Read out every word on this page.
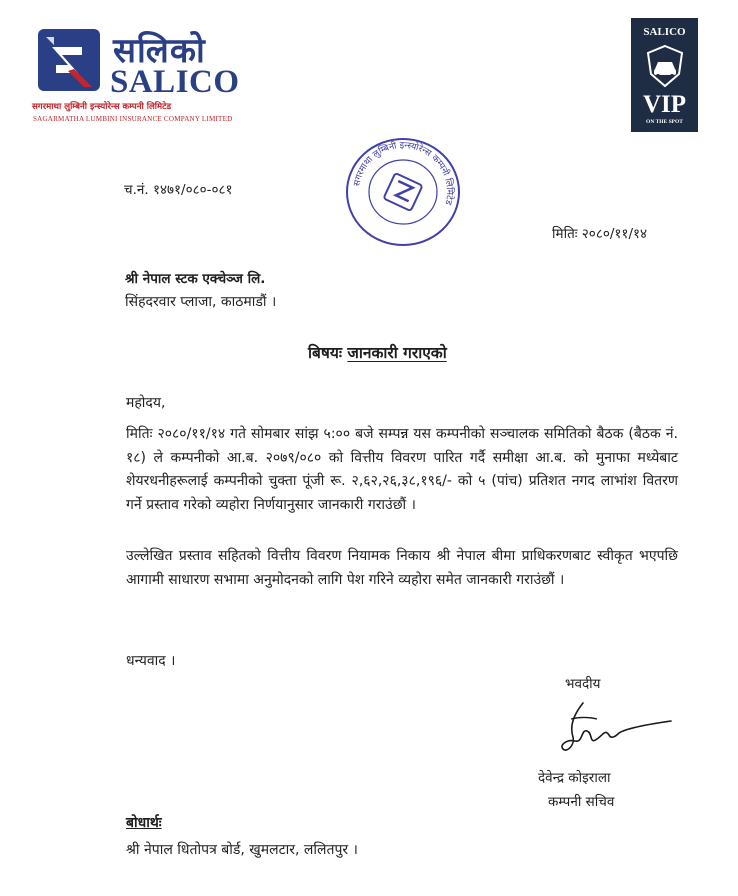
सलिको
SALICO
सगरमाथा लुम्बिनी इन्स्योरेन्स कम्पनी लिमिटेड
SAGARMATHA LUMBINI INSURANCE COMPANY LIMITED
SALICO
VIP
ON THE SPOT
सगरमाथा लुम्बिनी इन्स्योरेन्स कम्पनी लिमिटेड
च.नं. १४७१/०८०-०८१
मितिः २०८०/११/१४
श्री नेपाल स्टक एक्चेञ्ज लि.
सिंहदरवार प्लाजा, काठमाडौं ।
बिषयः जानकारी गराएको
महोदय,

मितिः २०८०/११/१४ गते सोमबार सांझ ५:०० बजे सम्पन्न यस कम्पनीको सञ्चालक समितिको बैठक (बैठक नं. १८) ले कम्पनीको आ.ब. २०७९/०८० को वित्तीय विवरण पारित गर्दै समीक्षा आ.ब. को मुनाफा मध्येबाट शेयरधनीहरूलाई कम्पनीको चुक्ता पूंजी रू. २,६२,२६,३८,१९६/- को ५ (पांच) प्रतिशत नगद लाभांश वितरण गर्ने प्रस्ताव गरेको व्यहोरा निर्णयानुसार जानकारी गराउंछौं ।

उल्लेखित प्रस्ताव सहितको वित्तीय विवरण नियामक निकाय श्री नेपाल बीमा प्राधिकरणबाट स्वीकृत भएपछि आगामी साधारण सभामा अनुमोदनको लागि पेश गरिने व्यहोरा समेत जानकारी गराउंछौं ।

धन्यवाद ।
भवदीय
देवेन्द्र कोइराला
कम्पनी सचिव
बोधार्थः
श्री नेपाल धितोपत्र बोर्ड, खुमलटार, ललितपुर ।
